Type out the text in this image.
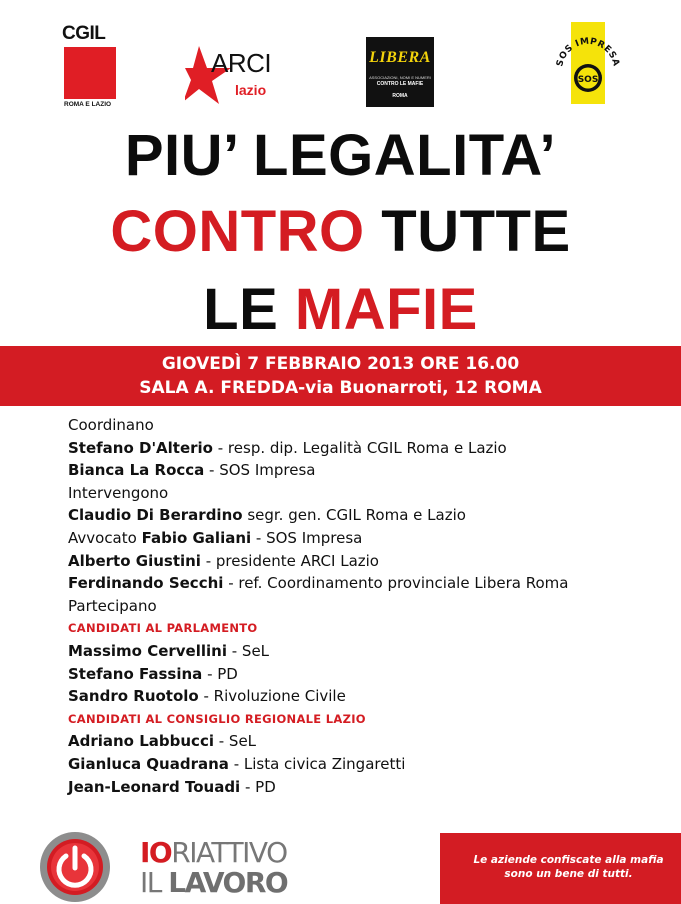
CGIL
ROMA E LAZIO
ARCI
lazio
LIBERA
ASSOCIAZIONI, NOMI E NUMERI
CONTRO LE MAFIE
ROMA
SOS IMPRESA
SOS
PIU’ LEGALITA’
CONTRO TUTTE
LE MAFIE
GIOVEDÌ 7 FEBBRAIO 2013 ORE 16.00
SALA A. FREDDA-via Buonarroti, 12 ROMA
Coordinano
Stefano D'Alterio - resp. dip. Legalità CGIL Roma e Lazio
Bianca La Rocca - SOS Impresa
Intervengono
Claudio Di Berardino segr. gen. CGIL Roma e Lazio
Avvocato Fabio Galiani - SOS Impresa
Alberto Giustini - presidente ARCI Lazio
Ferdinando Secchi - ref. Coordinamento provinciale Libera Roma
Partecipano
CANDIDATI AL PARLAMENTO
Massimo Cervellini - SeL
Stefano Fassina - PD
Sandro Ruotolo - Rivoluzione Civile
CANDIDATI AL CONSIGLIO REGIONALE LAZIO
Adriano Labbucci - SeL
Gianluca Quadrana - Lista civica Zingaretti
Jean-Leonard Touadi - PD
IORIATTIVO
IL LAVORO
Le aziende confiscate alla mafia
sono un bene di tutti.
